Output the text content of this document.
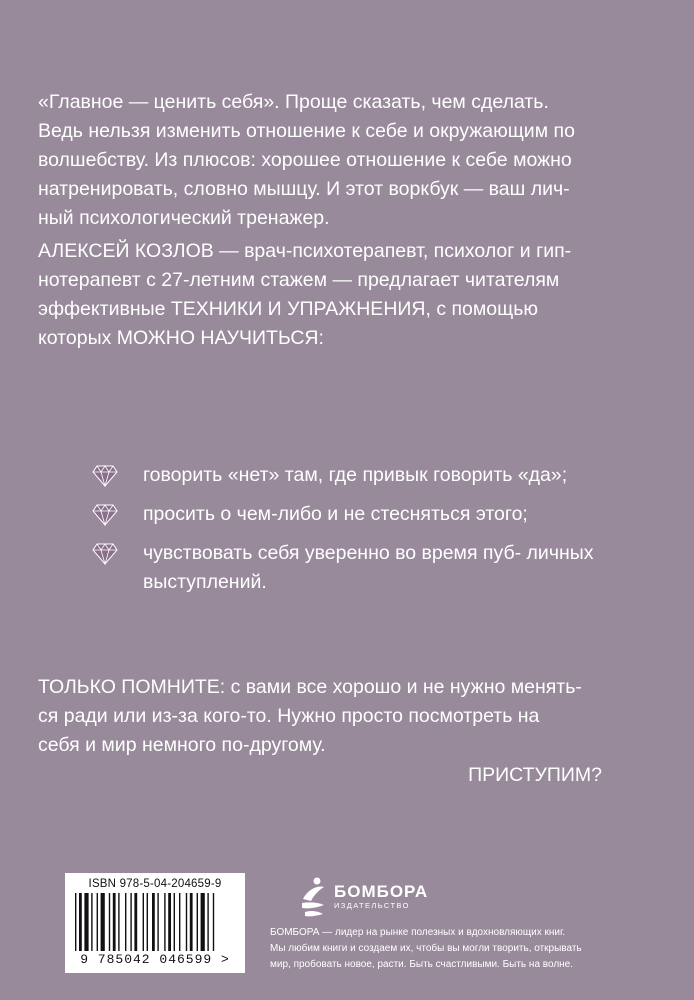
«Главное — ценить себя». Проще сказать, чем сделать.
Ведь нельзя изменить отношение к себе и окружающим по
волшебству. Из плюсов: хорошее отношение к себе можно
натренировать, словно мышцу. И этот воркбук — ваш лич-
ный психологический тренажер.
АЛЕКСЕЙ КОЗЛОВ — врач-психотерапевт, психолог и гип-
нотерапевт с 27-летним стажем — предлагает читателям
эффективные ТЕХНИКИ И УПРАЖНЕНИЯ, с помощью
которых МОЖНО НАУЧИТЬСЯ:
говорить «нет» там, где привык говорить «да»;
просить о чем-либо и не стесняться этого;
чувствовать себя уверенно во время пуб- личных
выступлений.
ТОЛЬКО ПОМНИТЕ: с вами все хорошо и не нужно менять-
ся ради или из-за кого-то. Нужно просто посмотреть на
себя и мир немного по-другому.
ПРИСТУПИМ?
ISBN 978-5-04-204659-9
9 785042 046599 >
БОМБОРА
ИЗДАТЕЛЬСТВО
БОМБОРА — лидер на рынке полезных и вдохновляющих книг.
Мы любим книги и создаем их, чтобы вы могли творить, открывать
мир, пробовать новое, расти. Быть счастливыми. Быть на волне.
